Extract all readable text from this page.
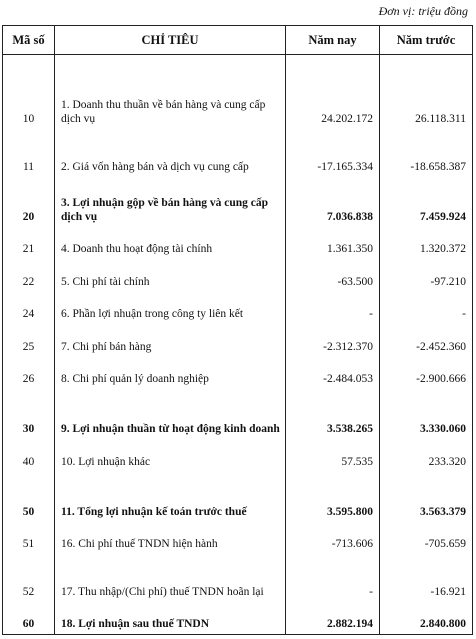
Đơn vị: triệu đồng
Mã số	CHỈ TIÊU	Năm nay	Năm trước
10	1. Doanh thu thuần về bán hàng và cung cấp dịch vụ	24.202.172	26.118.311
11	2. Giá vốn hàng bán và dịch vụ cung cấp	-17.165.334	-18.658.387
20	3. Lợi nhuận gộp về bán hàng và cung cấp dịch vụ	7.036.838	7.459.924
21	4. Doanh thu hoạt động tài chính	1.361.350	1.320.372
22	5. Chi phí tài chính	-63.500	-97.210
24	6. Phần lợi nhuận trong công ty liên kết	-	-
25	7. Chi phí bán hàng	-2.312.370	-2.452.360
26	8. Chi phí quản lý doanh nghiệp	-2.484.053	-2.900.666
30	9. Lợi nhuận thuần từ hoạt động kinh doanh	3.538.265	3.330.060
40	10. Lợi nhuận khác	57.535	233.320
50	11. Tổng lợi nhuận kế toán trước thuế	3.595.800	3.563.379
51	16. Chi phí thuế TNDN hiện hành	-713.606	-705.659
52	17. Thu nhập/(Chi phí) thuế TNDN hoãn lại	-	-16.921
60	18. Lợi nhuận sau thuế TNDN	2.882.194	2.840.800
